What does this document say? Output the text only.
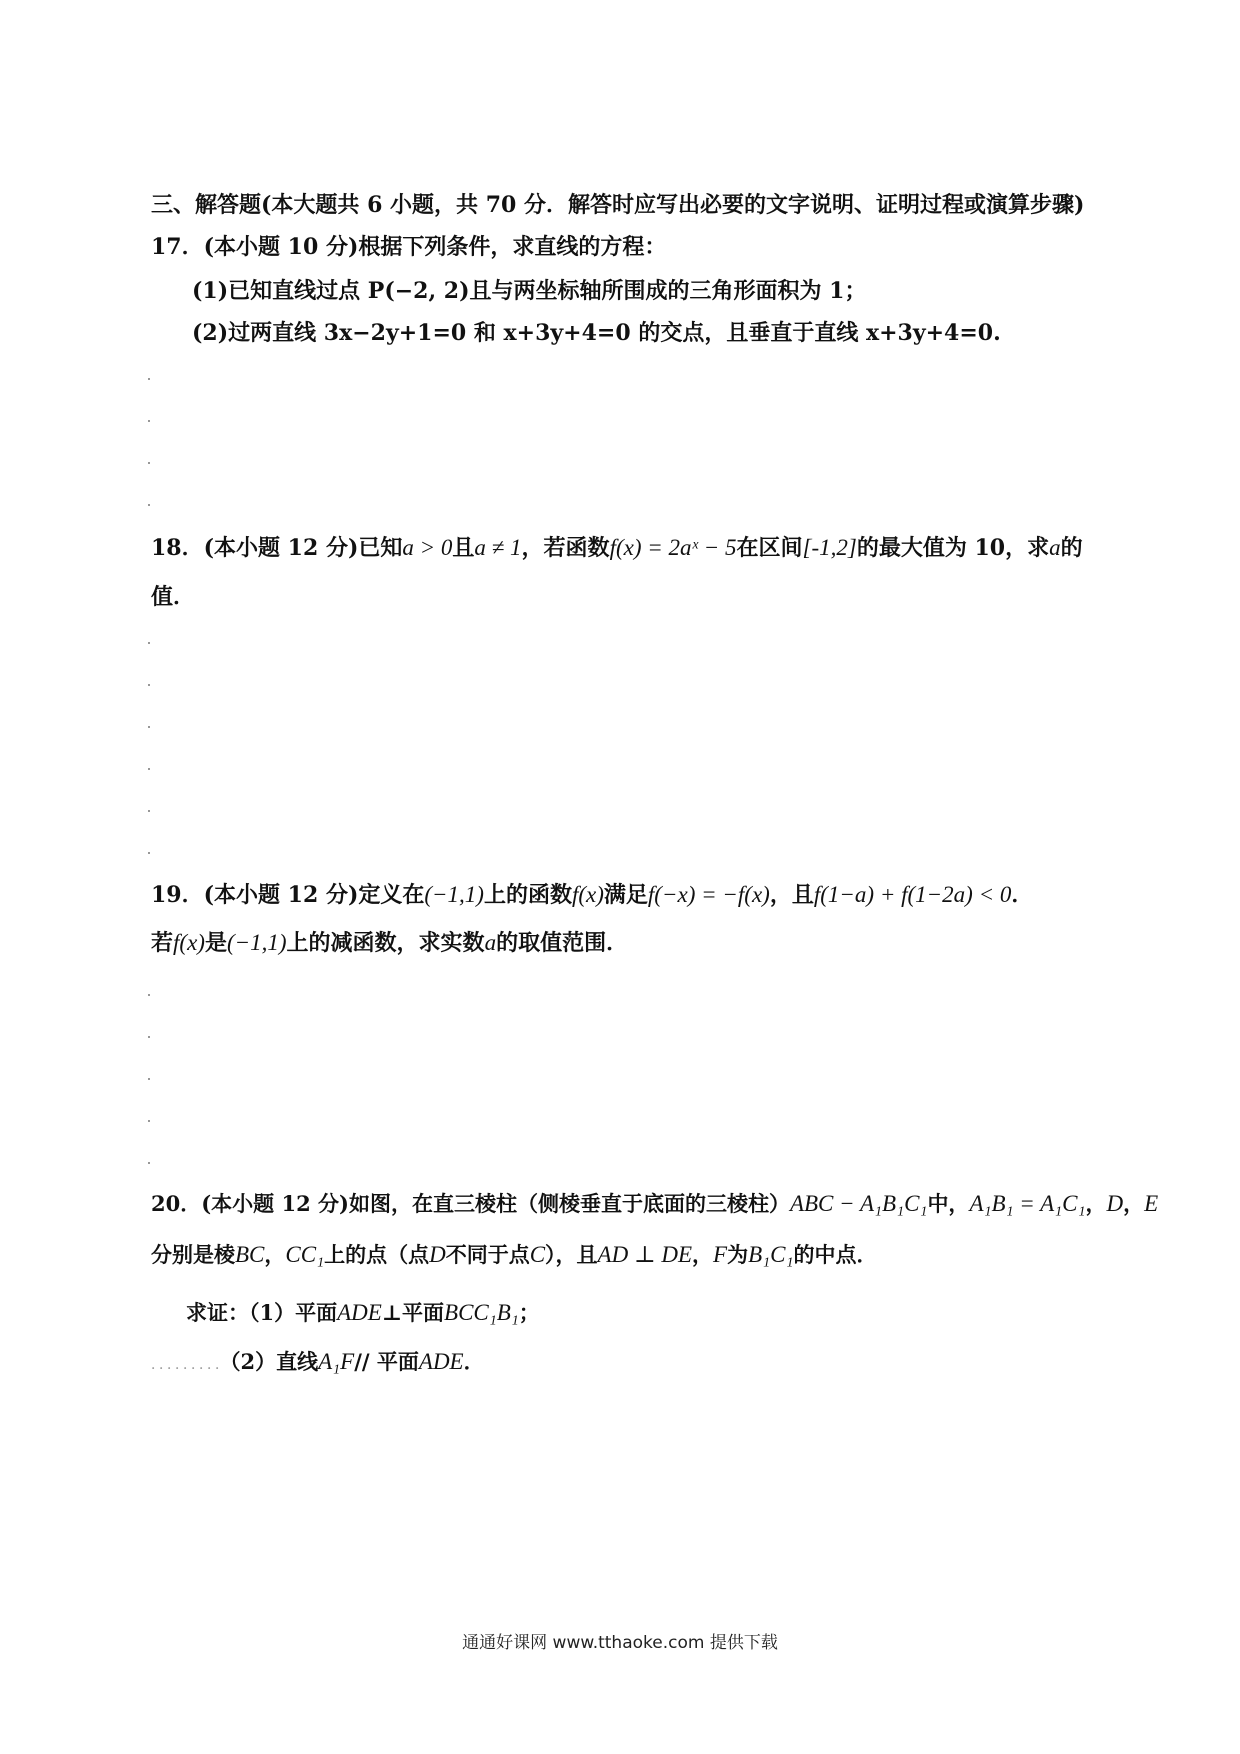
三、解答题(本大题共 6 小题，共 70 分．解答时应写出必要的文字说明、证明过程或演算步骤)
17．(本小题 10 分)根据下列条件，求直线的方程：
(1)已知直线过点 P(−2, 2)且与两坐标轴所围成的三角形面积为 1；
(2)过两直线 3x−2y+1=0 和 x+3y+4=0 的交点，且垂直于直线 x+3y+4=0.
18．(本小题 12 分)已知a > 0且a ≠ 1，若函数f(x) = 2aˣ − 5在区间[-1,2]的最大值为 10，求a的
值．
19．(本小题 12 分)定义在(−1,1)上的函数f(x)满足f(−x) = −f(x)，且f(1−a) + f(1−2a) < 0．
若f(x)是(−1,1)上的减函数，求实数a的取值范围．
20．(本小题 12 分)如图，在直三棱柱（侧棱垂直于底面的三棱柱）ABC − A₁B₁C₁中，A₁B₁ = A₁C₁，D，E
分别是棱BC，CC₁上的点（点D不同于点C），且AD ⊥ DE，F为B₁C₁的中点．
求证：（1）平面ADE⊥平面BCC₁B₁；
．．．．．．．．．（2）直线A₁F// 平面ADE．
通通好课网 www.tthaoke.com 提供下载
